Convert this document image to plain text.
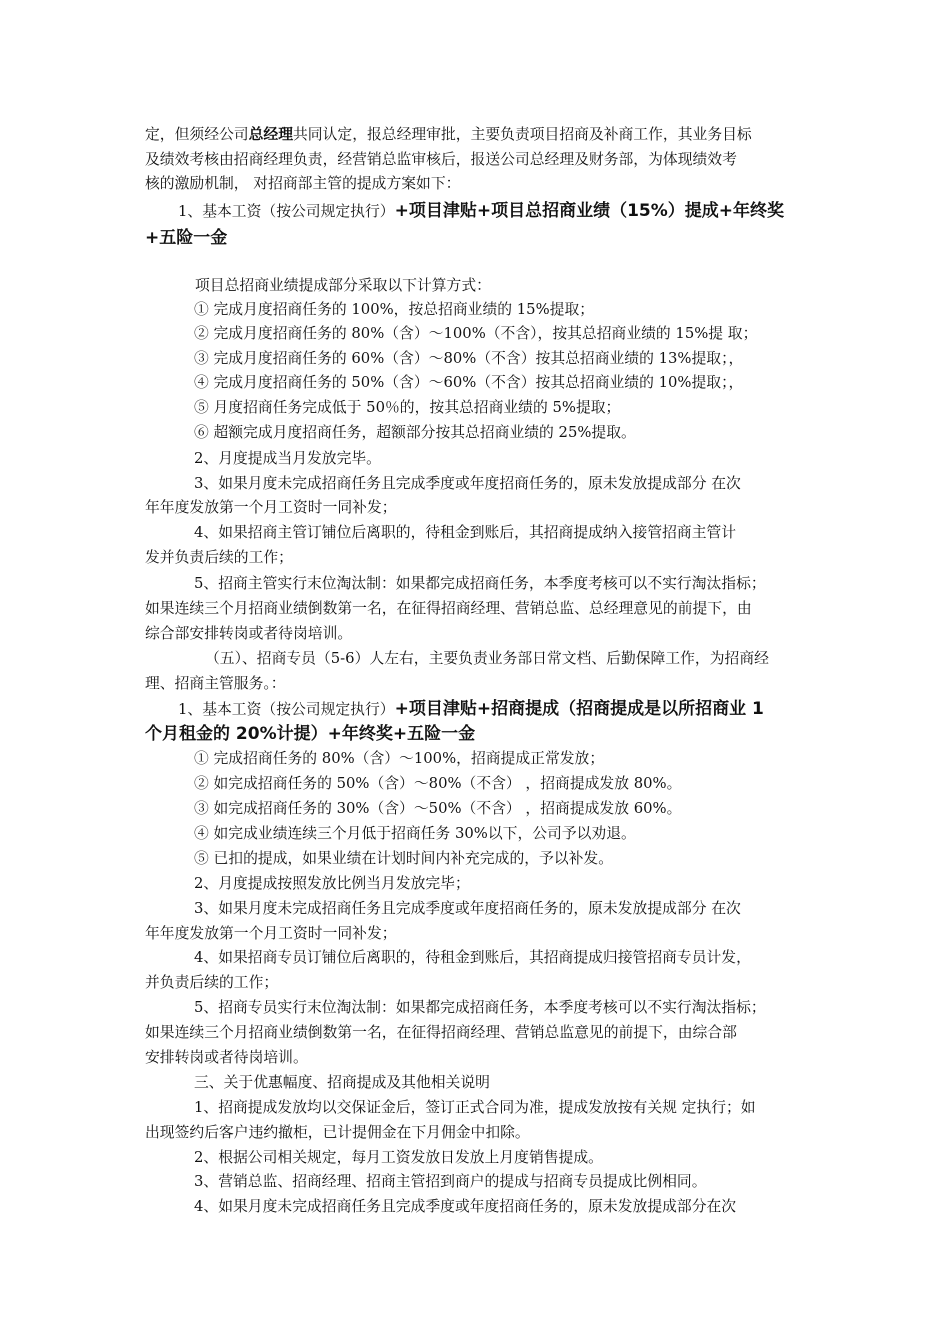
定，但须经公司总经理共同认定，报总经理审批，主要负责项目招商及补商工作，其业务目标
及绩效考核由招商经理负责，经营销总监审核后，报送公司总经理及财务部，为体现绩效考
核的激励机制， 对招商部主管的提成方案如下：
1、基本工资（按公司规定执行）+项目津贴+项目总招商业绩（15%）提成+年终奖
+五险一金
项目总招商业绩提成部分采取以下计算方式：
① 完成月度招商任务的 100%，按总招商业绩的 15%提取；
② 完成月度招商任务的 80%（含）～100%（不含），按其总招商业绩的 15%提 取；
③ 完成月度招商任务的 60%（含）～80%（不含）按其总招商业绩的 13%提取；，
④ 完成月度招商任务的 50%（含）～60%（不含）按其总招商业绩的 10%提取；，
⑤ 月度招商任务完成低于 50％的，按其总招商业绩的 5%提取；
⑥ 超额完成月度招商任务，超额部分按其总招商业绩的 25%提取。
2、月度提成当月发放完毕。
3、如果月度未完成招商任务且完成季度或年度招商任务的，原未发放提成部分 在次
年年度发放第一个月工资时一同补发；
4、如果招商主管订铺位后离职的，待租金到账后，其招商提成纳入接管招商主管计
发并负责后续的工作；
5、招商主管实行末位淘汰制：如果都完成招商任务，本季度考核可以不实行淘汰指标；
如果连续三个月招商业绩倒数第一名，在征得招商经理、营销总监、总经理意见的前提下，由
综合部安排转岗或者待岗培训。
（五）、招商专员（5-6）人左右，主要负责业务部日常文档、后勤保障工作，为招商经
理、招商主管服务。：
1、基本工资（按公司规定执行）+项目津贴+招商提成（招商提成是以所招商业 1
个月租金的 20%计提）+年终奖+五险一金
① 完成招商任务的 80%（含）～100%，招商提成正常发放；
② 如完成招商任务的 50%（含）～80%（不含） ，招商提成发放 80%。
③ 如完成招商任务的 30%（含）～50%（不含） ，招商提成发放 60%。
④ 如完成业绩连续三个月低于招商任务 30%以下，公司予以劝退。
⑤ 已扣的提成，如果业绩在计划时间内补充完成的，予以补发。
2、月度提成按照发放比例当月发放完毕；
3、如果月度未完成招商任务且完成季度或年度招商任务的，原未发放提成部分 在次
年年度发放第一个月工资时一同补发；
4、如果招商专员订铺位后离职的，待租金到账后，其招商提成归接管招商专员计发，
并负责后续的工作；
5、招商专员实行末位淘汰制：如果都完成招商任务，本季度考核可以不实行淘汰指标；
如果连续三个月招商业绩倒数第一名，在征得招商经理、营销总监意见的前提下，由综合部
安排转岗或者待岗培训。
三、关于优惠幅度、招商提成及其他相关说明
1、招商提成发放均以交保证金后，签订正式合同为准，提成发放按有关规 定执行；如
出现签约后客户违约撤柜，已计提佣金在下月佣金中扣除。
2、根据公司相关规定，每月工资发放日发放上月度销售提成。
3、营销总监、招商经理、招商主管招到商户的提成与招商专员提成比例相同。
4、如果月度未完成招商任务且完成季度或年度招商任务的，原未发放提成部分在次
